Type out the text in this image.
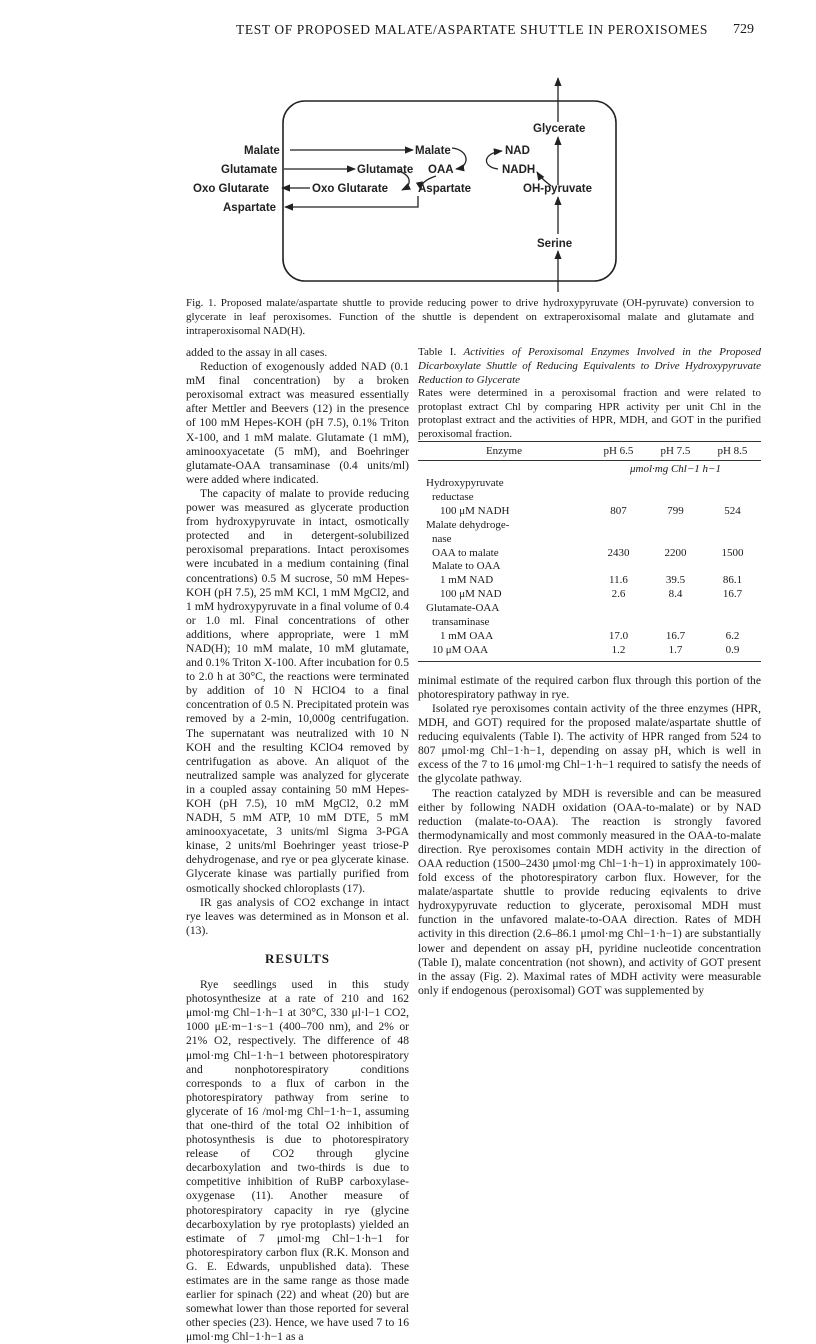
TEST OF PROPOSED MALATE/ASPARTATE SHUTTLE IN PEROXISOMES 729
Malate
Glutamate
Oxo Glutarate
Aspartate
Malate
Glutamate OAA
Oxo Glutarate	Aspartate
NAD
NADH
Glycerate
OH-pyruvate
Serine

Fig. 1. Proposed malate/aspartate shuttle to provide reducing power to drive hydroxypyruvate (OH-pyruvate) conversion to glycerate in leaf peroxisomes. Function of the shuttle is dependent on extraperoxisomal malate and glutamate and intraperoxisomal NAD(H).

added to the assay in all cases.

Reduction of exogenously added NAD (0.1 mM final concentration) by a broken peroxisomal extract was measured essentially after Mettler and Beevers (12) in the presence of 100 mM Hepes-KOH (pH 7.5), 0.1% Triton X-100, and 1 mM malate. Glutamate (1 mM), aminooxyacetate (5 mM), and Boehringer glutamate-OAA transaminase (0.4 units/ml) were added where indicated.

The capacity of malate to provide reducing power was measured as glycerate production from hydroxypyruvate in intact, osmotically protected and in detergent-solubilized peroxisomal preparations. Intact peroxisomes were incubated in a medium containing (final concentrations) 0.5 M sucrose, 50 mM Hepes-KOH (pH 7.5), 25 mM KCl, 1 mM MgCl2, and 1 mM hydroxypyruvate in a final volume of 0.4 or 1.0 ml. Final concentrations of other additions, where appropriate, were 1 mM NAD(H); 10 mM malate, 10 mM glutamate, and 0.1% Triton X-100. After incubation for 0.5 to 2.0 h at 30°C, the reactions were terminated by addition of 10 N HClO4 to a final concentration of 0.5 N. Precipitated protein was removed by a 2-min, 10,000g centrifugation. The supernatant was neutralized with 10 N KOH and the resulting KClO4 removed by centrifugation as above. An aliquot of the neutralized sample was analyzed for glycerate in a coupled assay containing 50 mM Hepes-KOH (pH 7.5), 10 mM MgCl2, 0.2 mM NADH, 5 mM ATP, 10 mM DTE, 5 mM aminooxyacetate, 3 units/ml Sigma 3-PGA kinase, 2 units/ml Boehringer yeast triose-P dehydrogenase, and rye or pea glycerate kinase. Glycerate kinase was partially purified from osmotically shocked chloroplasts (17).

IR gas analysis of CO2 exchange in intact rye leaves was determined as in Monson et al. (13).

RESULTS

Rye seedlings used in this study photosynthesize at a rate of 210 and 162 μmol·mg Chl−1·h−1 at 30°C, 330 μl·l−1 CO2, 1000 μE·m−1·s−1 (400–700 nm), and 2% or 21% O2, respectively. The difference of 48 μmol·mg Chl−1·h−1 between photorespiratory and nonphotorespiratory conditions corresponds to a flux of carbon in the photorespiratory pathway from serine to glycerate of 16 /mol·mg Chl−1·h−1, assuming that one-third of the total O2 inhibition of photosynthesis is due to photorespiratory release of CO2 through glycine decarboxylation and two-thirds is due to competitive inhibition of RuBP carboxylase-oxygenase (11). Another measure of photorespiratory capacity in rye (glycine decarboxylation by rye protoplasts) yielded an estimate of 7 μmol·mg Chl−1·h−1 for photorespiratory carbon flux (R.K. Monson and G. E. Edwards, unpublished data). These estimates are in the same range as those made earlier for spinach (22) and wheat (20) but are somewhat lower than those reported for several other species (23). Hence, we have used 7 to 16 μmol·mg Chl−1·h−1 as a

Table I. Activities of Peroxisomal Enzymes Involved in the Proposed Dicarboxylate Shuttle of Reducing Equivalents to Drive Hydroxypyruvate Reduction to Glycerate

Rates were determined in a peroxisomal fraction and were related to protoplast extract Chl by comparing HPR activity per unit Chl in the protoplast extract and the activities of HPR, MDH, and GOT in the purified peroxisomal fraction.

Enzyme	pH 6.5	pH 7.5	pH 8.5
	μmol·mg Chl−1 h−1		
Hydroxypyruvate			
reductase			
100 μM NADH	807	799	524
Malate dehydroge-			
nase			
OAA to malate	2430	2200	1500
Malate to OAA			
1 mM NAD	11.6	39.5	86.1
100 μM NAD	2.6	8.4	16.7
Glutamate-OAA			
transaminase			
1 mM OAA	17.0	16.7	6.2
10 μM OAA	1.2	1.7	0.9

minimal estimate of the required carbon flux through this portion of the photorespiratory pathway in rye.

Isolated rye peroxisomes contain activity of the three enzymes (HPR, MDH, and GOT) required for the proposed malate/aspartate shuttle of reducing equivalents (Table I). The activity of HPR ranged from 524 to 807 μmol·mg Chl−1·h−1, depending on assay pH, which is well in excess of the 7 to 16 μmol·mg Chl−1·h−1 required to satisfy the needs of the glycolate pathway.

The reaction catalyzed by MDH is reversible and can be measured either by following NADH oxidation (OAA-to-malate) or by NAD reduction (malate-to-OAA). The reaction is strongly favored thermodynamically and most commonly measured in the OAA-to-malate direction. Rye peroxisomes contain MDH activity in the direction of OAA reduction (1500–2430 μmol·mg Chl−1·h−1) in approximately 100-fold excess of the photorespiratory carbon flux. However, for the malate/aspartate shuttle to provide reducing eqivalents to drive hydroxypyruvate reduction to glycerate, peroxisomal MDH must function in the unfavored malate-to-OAA direction. Rates of MDH activity in this direction (2.6–86.1 μmol·mg Chl−1·h−1) are substantially lower and dependent on assay pH, pyridine nucleotide concentration (Table I), malate concentration (not shown), and activity of GOT present in the assay (Fig. 2). Maximal rates of MDH activity were measurable only if endogenous (peroxisomal) GOT was supplemented by
